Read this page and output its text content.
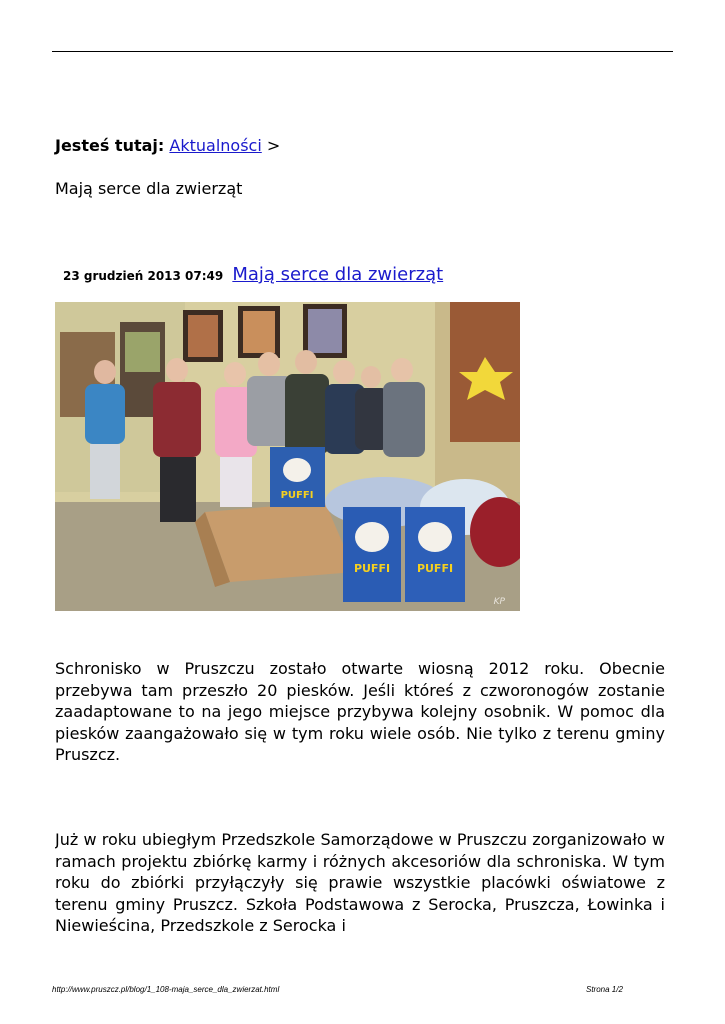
Jesteś tutaj: Aktualności >
Mają serce dla zwierząt
23 grudzień 2013 07:49 Mają serce dla zwierząt
PUFFI
PUFFI PUFFI
KP

Schronisko w Pruszczu zostało otwarte wiosną 2012 roku. Obecnie przebywa tam przeszło 20 piesków. Jeśli któreś z czworonogów zostanie zaadaptowane to na jego miejsce przybywa kolejny osobnik. W pomoc dla piesków zaangażowało się w tym roku wiele osób. Nie tylko z terenu gminy Pruszcz.

Już w roku ubiegłym Przedszkole Samorządowe w Pruszczu zorganizowało w ramach projektu zbiórkę karmy i różnych akcesoriów dla schroniska. W tym roku do zbiórki przyłączyły się prawie wszystkie placówki oświatowe z terenu gminy Pruszcz. Szkoła Podstawowa z Serocka, Pruszcza, Łowinka i Niewieścina, Przedszkole z Serocka i

http://www.pruszcz.pl/blog/1_108-maja_serce_dla_zwierzat.html	Strona 1/2
